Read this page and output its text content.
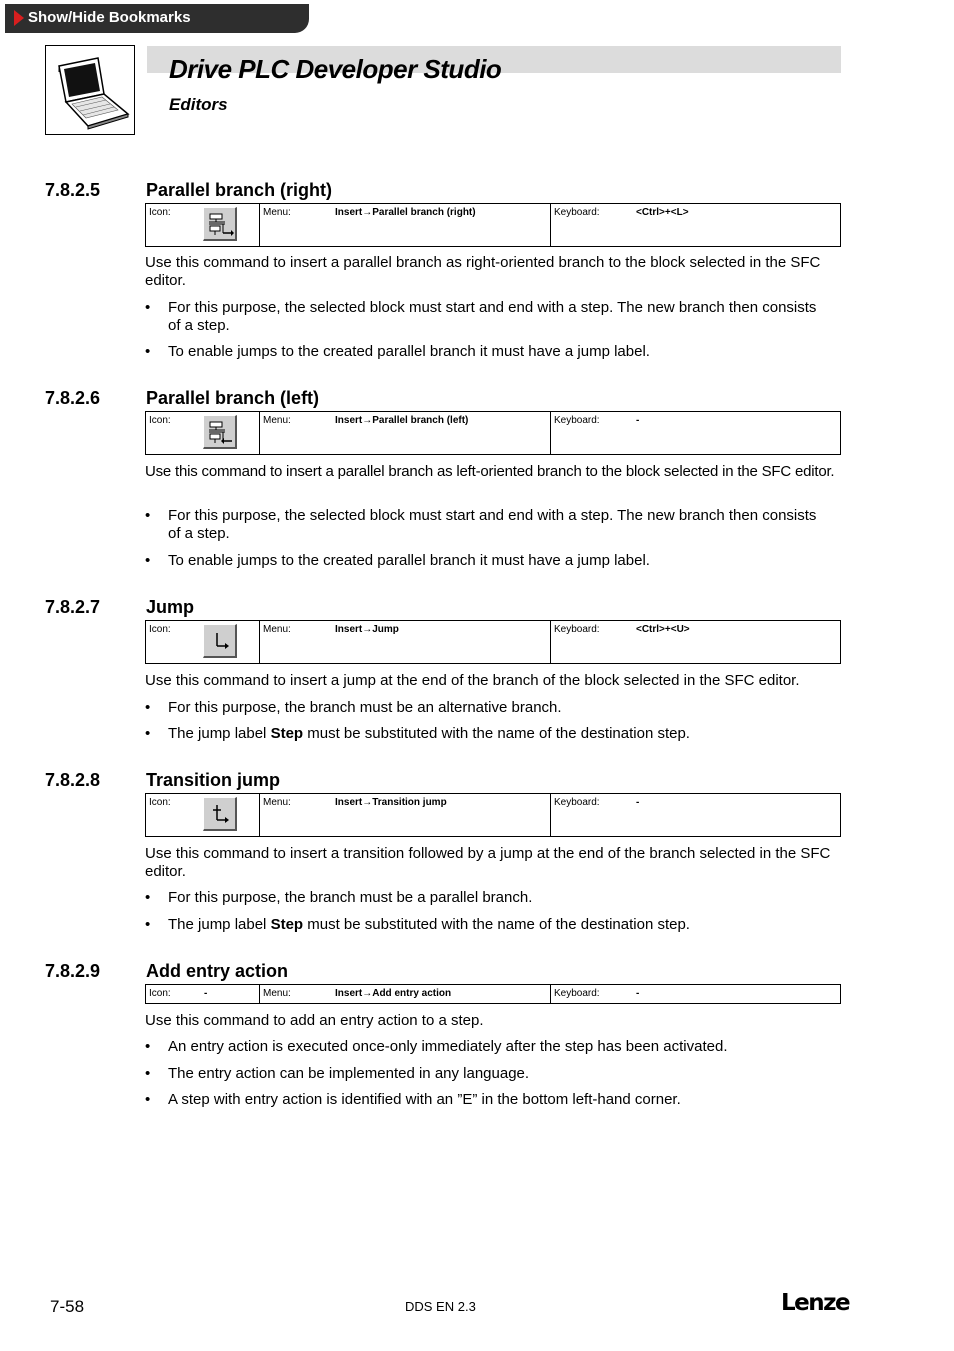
Show/Hide Bookmarks
Drive PLC Developer Studio
Editors
7.8.2.5	Parallel branch (right)
Icon:	Menu:	Insert→Parallel branch (right)	Keyboard:	<Ctrl>+<L>
Use this command to insert a parallel branch as right-oriented branch to the block selected in the SFC editor.
• For this purpose, the selected block must start and end with a step. The new branch then consists of a step.
• To enable jumps to the created parallel branch it must have a jump label.
7.8.2.6	Parallel branch (left)
Icon:	Menu:	Insert→Parallel branch (left)	Keyboard:	-
Use this command to insert a parallel branch as left-oriented branch to the block selected in the SFC editor.
• For this purpose, the selected block must start and end with a step. The new branch then consists of a step.
• To enable jumps to the created parallel branch it must have a jump label.
7.8.2.7	Jump
Icon:	Menu:	Insert→Jump	Keyboard:	<Ctrl>+<U>
Use this command to insert a jump at the end of the branch of the block selected in the SFC editor.
• For this purpose, the branch must be an alternative branch.
• The jump label Step must be substituted with the name of the destination step.
7.8.2.8	Transition jump
Icon:	Menu:	Insert→Transition jump	Keyboard:	-
Use this command to insert a transition followed by a jump at the end of the branch selected in the SFC editor.
• For this purpose, the branch must be a parallel branch.
• The jump label Step must be substituted with the name of the destination step.
7.8.2.9	Add entry action
Icon:	-	Menu:	Insert→Add entry action	Keyboard:	-
Use this command to add an entry action to a step.
• An entry action is executed once-only immediately after the step has been activated.
• The entry action can be implemented in any language.
• A step with entry action is identified with an ”E” in the bottom left-hand corner.
7-58	DDS EN 2.3	Lenze
